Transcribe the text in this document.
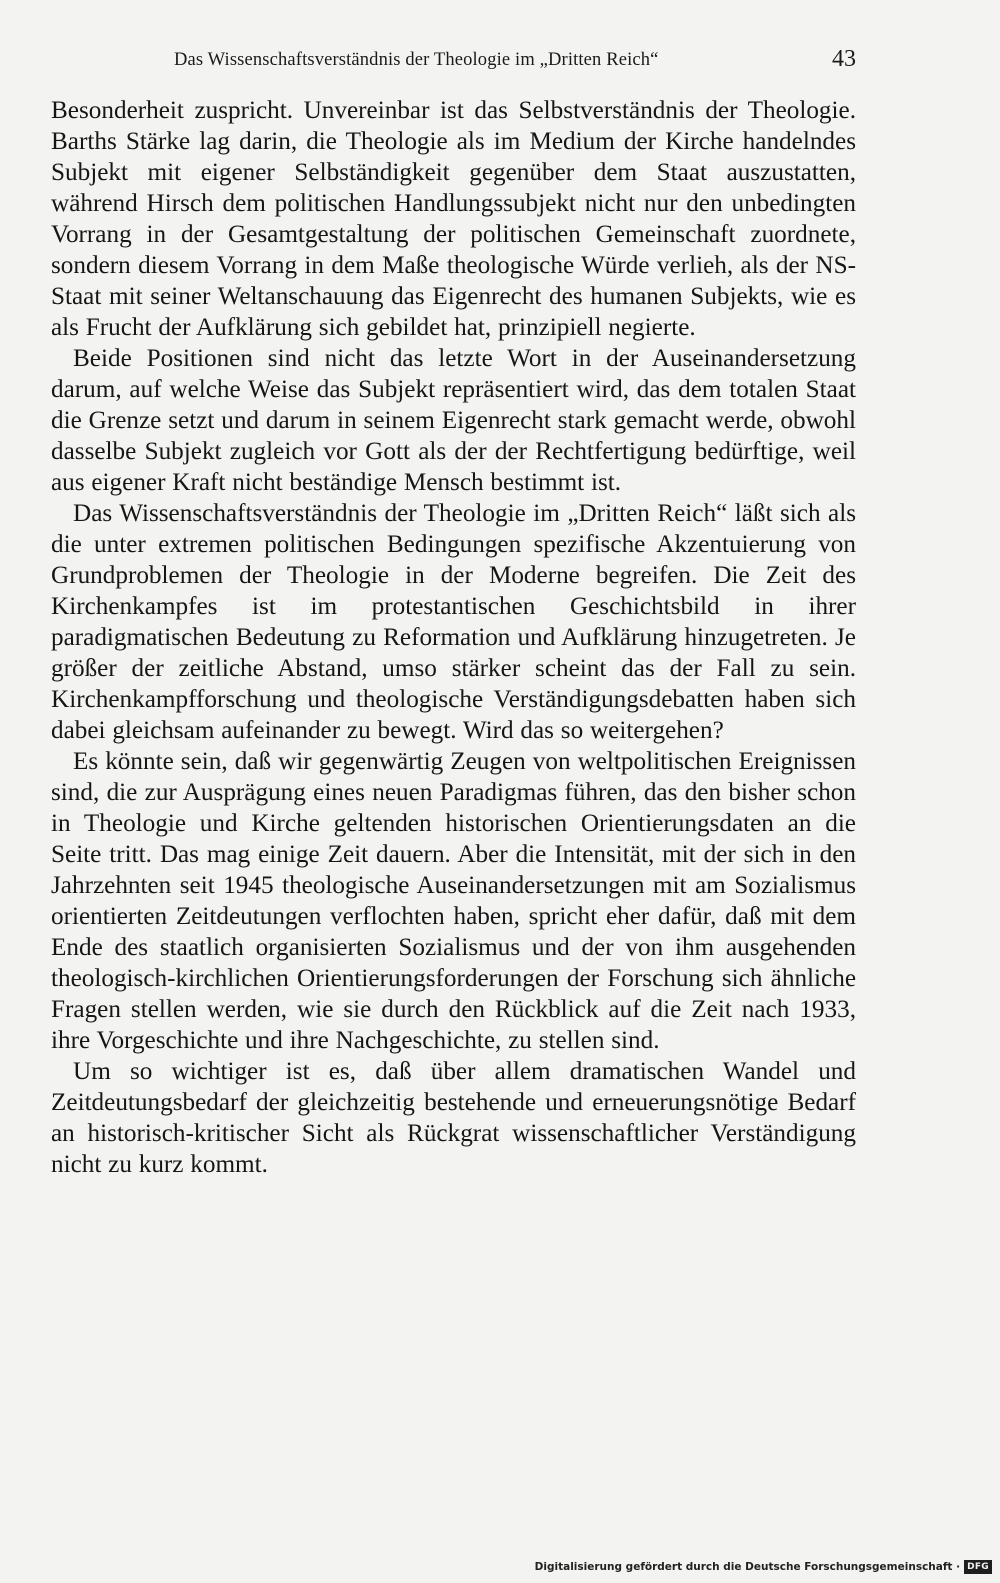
Das Wissenschaftsverständnis der Theologie im „Dritten Reich“	43

Besonderheit zuspricht. Unvereinbar ist das Selbstverständnis der Theologie. Barths Stärke lag darin, die Theologie als im Medium der Kirche handelndes Subjekt mit eigener Selbständigkeit gegenüber dem Staat auszustatten, während Hirsch dem politischen Handlungssubjekt nicht nur den unbedingten Vorrang in der Gesamtgestaltung der politischen Gemeinschaft zuordnete, sondern diesem Vorrang in dem Maße theologische Würde verlieh, als der NS-Staat mit seiner Weltanschauung das Eigenrecht des humanen Subjekts, wie es als Frucht der Aufklärung sich gebildet hat, prinzipiell negierte.

Beide Positionen sind nicht das letzte Wort in der Auseinandersetzung darum, auf welche Weise das Subjekt repräsentiert wird, das dem totalen Staat die Grenze setzt und darum in seinem Eigenrecht stark gemacht werde, obwohl dasselbe Subjekt zugleich vor Gott als der der Rechtfertigung bedürftige, weil aus eigener Kraft nicht beständige Mensch bestimmt ist.

Das Wissenschaftsverständnis der Theologie im „Dritten Reich“ läßt sich als die unter extremen politischen Bedingungen spezifische Akzentuierung von Grundproblemen der Theologie in der Moderne begreifen. Die Zeit des Kirchenkampfes ist im protestantischen Geschichtsbild in ihrer paradigmatischen Bedeutung zu Reformation und Aufklärung hinzugetreten. Je größer der zeitliche Abstand, umso stärker scheint das der Fall zu sein. Kirchenkampfforschung und theologische Verständigungsdebatten haben sich dabei gleichsam aufeinander zu bewegt. Wird das so weitergehen?

Es könnte sein, daß wir gegenwärtig Zeugen von weltpolitischen Ereignissen sind, die zur Ausprägung eines neuen Paradigmas führen, das den bisher schon in Theologie und Kirche geltenden historischen Orientierungsdaten an die Seite tritt. Das mag einige Zeit dauern. Aber die Intensität, mit der sich in den Jahrzehnten seit 1945 theologische Auseinandersetzungen mit am Sozialismus orientierten Zeitdeutungen verflochten haben, spricht eher dafür, daß mit dem Ende des staatlich organisierten Sozialismus und der von ihm ausgehenden theologisch-kirchlichen Orientierungsforderungen der Forschung sich ähnliche Fragen stellen werden, wie sie durch den Rückblick auf die Zeit nach 1933, ihre Vorgeschichte und ihre Nachgeschichte, zu stellen sind.

Um so wichtiger ist es, daß über allem dramatischen Wandel und Zeitdeutungsbedarf der gleichzeitig bestehende und erneuerungsnötige Bedarf an historisch-kritischer Sicht als Rückgrat wissenschaftlicher Verständigung nicht zu kurz kommt.

Digitalisierung gefördert durch die Deutsche Forschungsgemeinschaft · DFG
